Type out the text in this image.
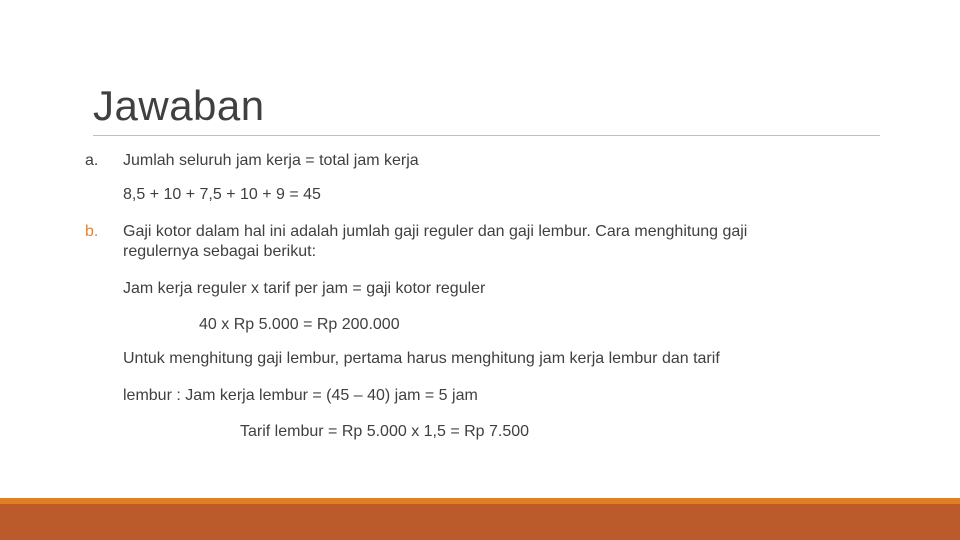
Jawaban
a. Jumlah seluruh jam kerja = total jam kerja
8,5 + 10 + 7,5 + 10 + 9 = 45
b. Gaji kotor dalam hal ini adalah jumlah gaji reguler dan gaji lembur. Cara menghitung gaji
regulernya sebagai berikut:
Jam kerja reguler x tarif per jam = gaji kotor reguler
40 x Rp 5.000 = Rp 200.000
Untuk menghitung gaji lembur, pertama harus menghitung jam kerja lembur dan tarif
lembur : Jam kerja lembur = (45 – 40) jam = 5 jam
Tarif lembur = Rp 5.000 x 1,5 = Rp 7.500
